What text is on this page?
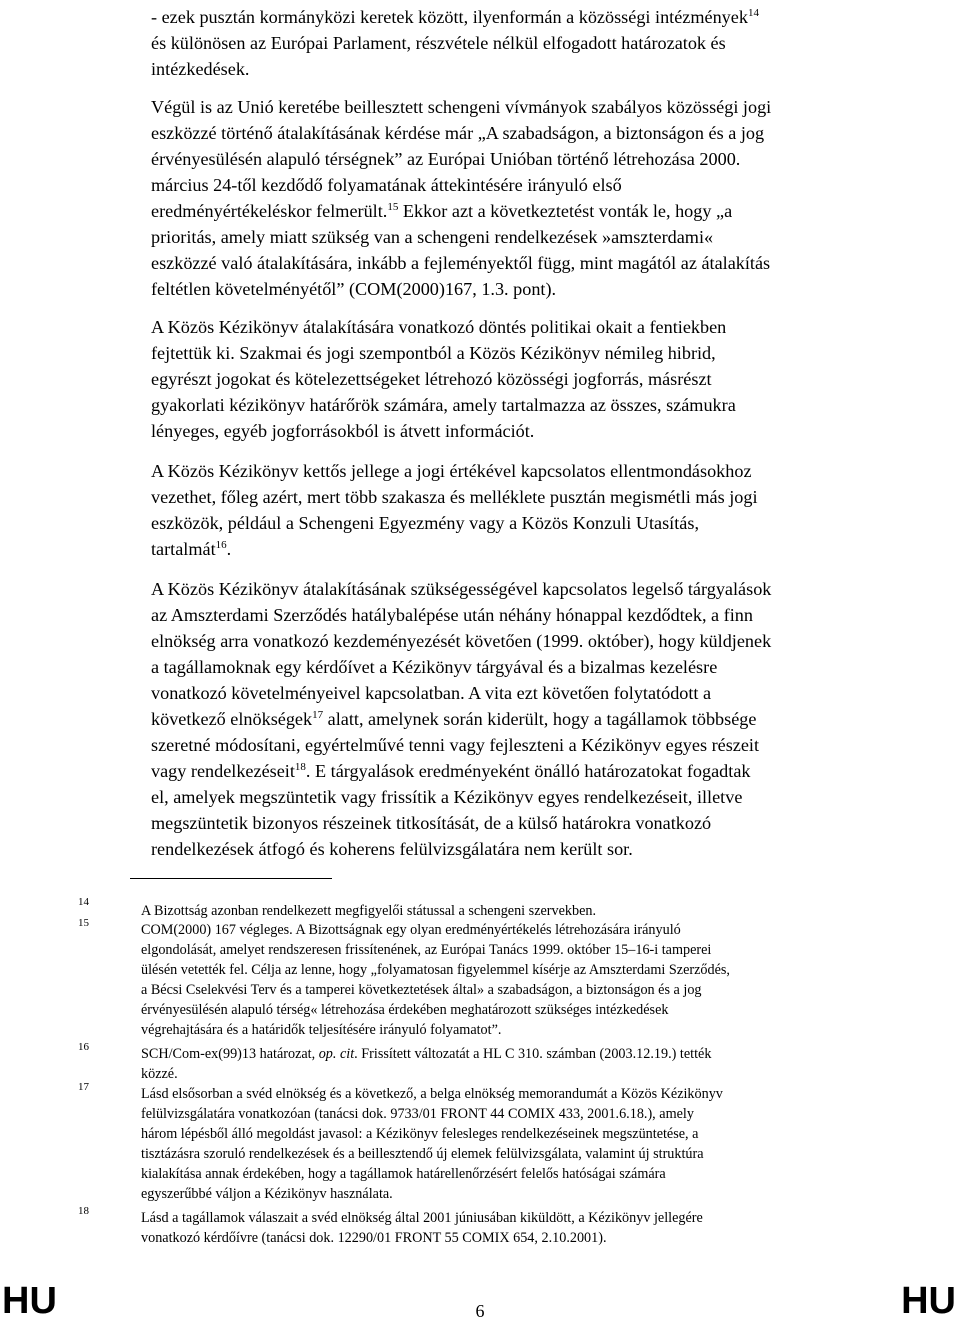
- ezek pusztán kormányközi keretek között, ilyenformán a közösségi intézmények$^{14}$
és különösen az Európai Parlament, részvétele nélkül elfogadott határozatok és
intézkedések.

Végül is az Unió keretébe beillesztett schengeni vívmányok szabályos közösségi jogi
eszközzé történő átalakításának kérdése már „A szabadságon, a biztonságon és a jog
érvényesülésén alapuló térségnek” az Európai Unióban történő létrehozása 2000.
március 24-től kezdődő folyamatának áttekintésére irányuló első
eredményértékeléskor felmerült.$^{15}$ Ekkor azt a következtetést vonták le, hogy „a
prioritás, amely miatt szükség van a schengeni rendelkezések »amszterdami«
eszközzé való átalakítására, inkább a fejleményektől függ, mint magától az átalakítás
feltétlen követelményétől” (COM(2000)167, 1.3. pont).

A Közös Kézikönyv átalakítására vonatkozó döntés politikai okait a fentiekben
fejtettük ki. Szakmai és jogi szempontból a Közös Kézikönyv némileg hibrid,
egyrészt jogokat és kötelezettségeket létrehozó közösségi jogforrás, másrészt
gyakorlati kézikönyv határőrök számára, amely tartalmazza az összes, számukra
lényeges, egyéb jogforrásokból is átvett információt.

A Közös Kézikönyv kettős jellege a jogi értékével kapcsolatos ellentmondásokhoz
vezethet, főleg azért, mert több szakasza és melléklete pusztán megismétli más jogi
eszközök, például a Schengeni Egyezmény vagy a Közös Konzuli Utasítás,
tartalmát$^{16}$.

A Közös Kézikönyv átalakításának szükségességével kapcsolatos legelső tárgyalások
az Amszterdami Szerződés hatálybalépése után néhány hónappal kezdődtek, a finn
elnökség arra vonatkozó kezdeményezését követően (1999. október), hogy küldjenek
a tagállamoknak egy kérdőívet a Kézikönyv tárgyával és a bizalmas kezelésre
vonatkozó követelményeivel kapcsolatban. A vita ezt követően folytatódott a
következő elnökségek$^{17}$ alatt, amelynek során kiderült, hogy a tagállamok többsége
szeretné módosítani, egyértelművé tenni vagy fejleszteni a Kézikönyv egyes részeit
vagy rendelkezéseit$^{18}$. E tárgyalások eredményeként önálló határozatokat fogadtak
el, amelyek megszüntetik vagy frissítik a Kézikönyv egyes rendelkezéseit, illetve
megszüntetik bizonyos részeinek titkosítását, de a külső határokra vonatkozó
rendelkezések átfogó és koherens felülvizsgálatára nem került sor.

14

A Bizottság azonban rendelkezett megfigyelői státussal a schengeni szervekben.

15	COM(2000) 167 végleges. A Bizottságnak egy olyan eredményértékelés létrehozására irányuló
elgondolását, amelyet rendszeresen frissítenének, az Európai Tanács 1999. október 15–16-i tamperei
ülésén vetették fel. Célja az lenne, hogy „folyamatosan figyelemmel kísérje az Amszterdami Szerződés,
a Bécsi Cselekvési Terv és a tamperei következtetések által» a szabadságon, a biztonságon és a jog
érvényesülésén alapuló térség« létrehozása érdekében meghatározott szükséges intézkedések
végrehajtására és a határidők teljesítésére irányuló folyamatot”.

16	SCH/Com-ex(99)13 határozat, op. cit. Frissített változatát a HL C 310. számban (2003.12.19.) tették
közzé.

17	Lásd elsősorban a svéd elnökség és a következő, a belga elnökség memorandumát a Közös Kézikönyv
felülvizsgálatára vonatkozóan (tanácsi dok. 9733/01 FRONT 44 COMIX 433, 2001.6.18.), amely
három lépésből álló megoldást javasol: a Kézikönyv felesleges rendelkezéseinek megszüntetése, a
tisztázásra szoruló rendelkezések és a beillesztendő új elemek felülvizsgálata, valamint új struktúra
kialakítása annak érdekében, hogy a tagállamok határellenőrzésért felelős hatóságai számára
egyszerűbbé váljon a Kézikönyv használata.

18	Lásd a tagállamok válaszait a svéd elnökség által 2001 júniusában kiküldött, a Kézikönyv jellegére
vonatkozó kérdőívre (tanácsi dok. 12290/01 FRONT 55 COMIX 654, 2.10.2001).

HU	6	HU
